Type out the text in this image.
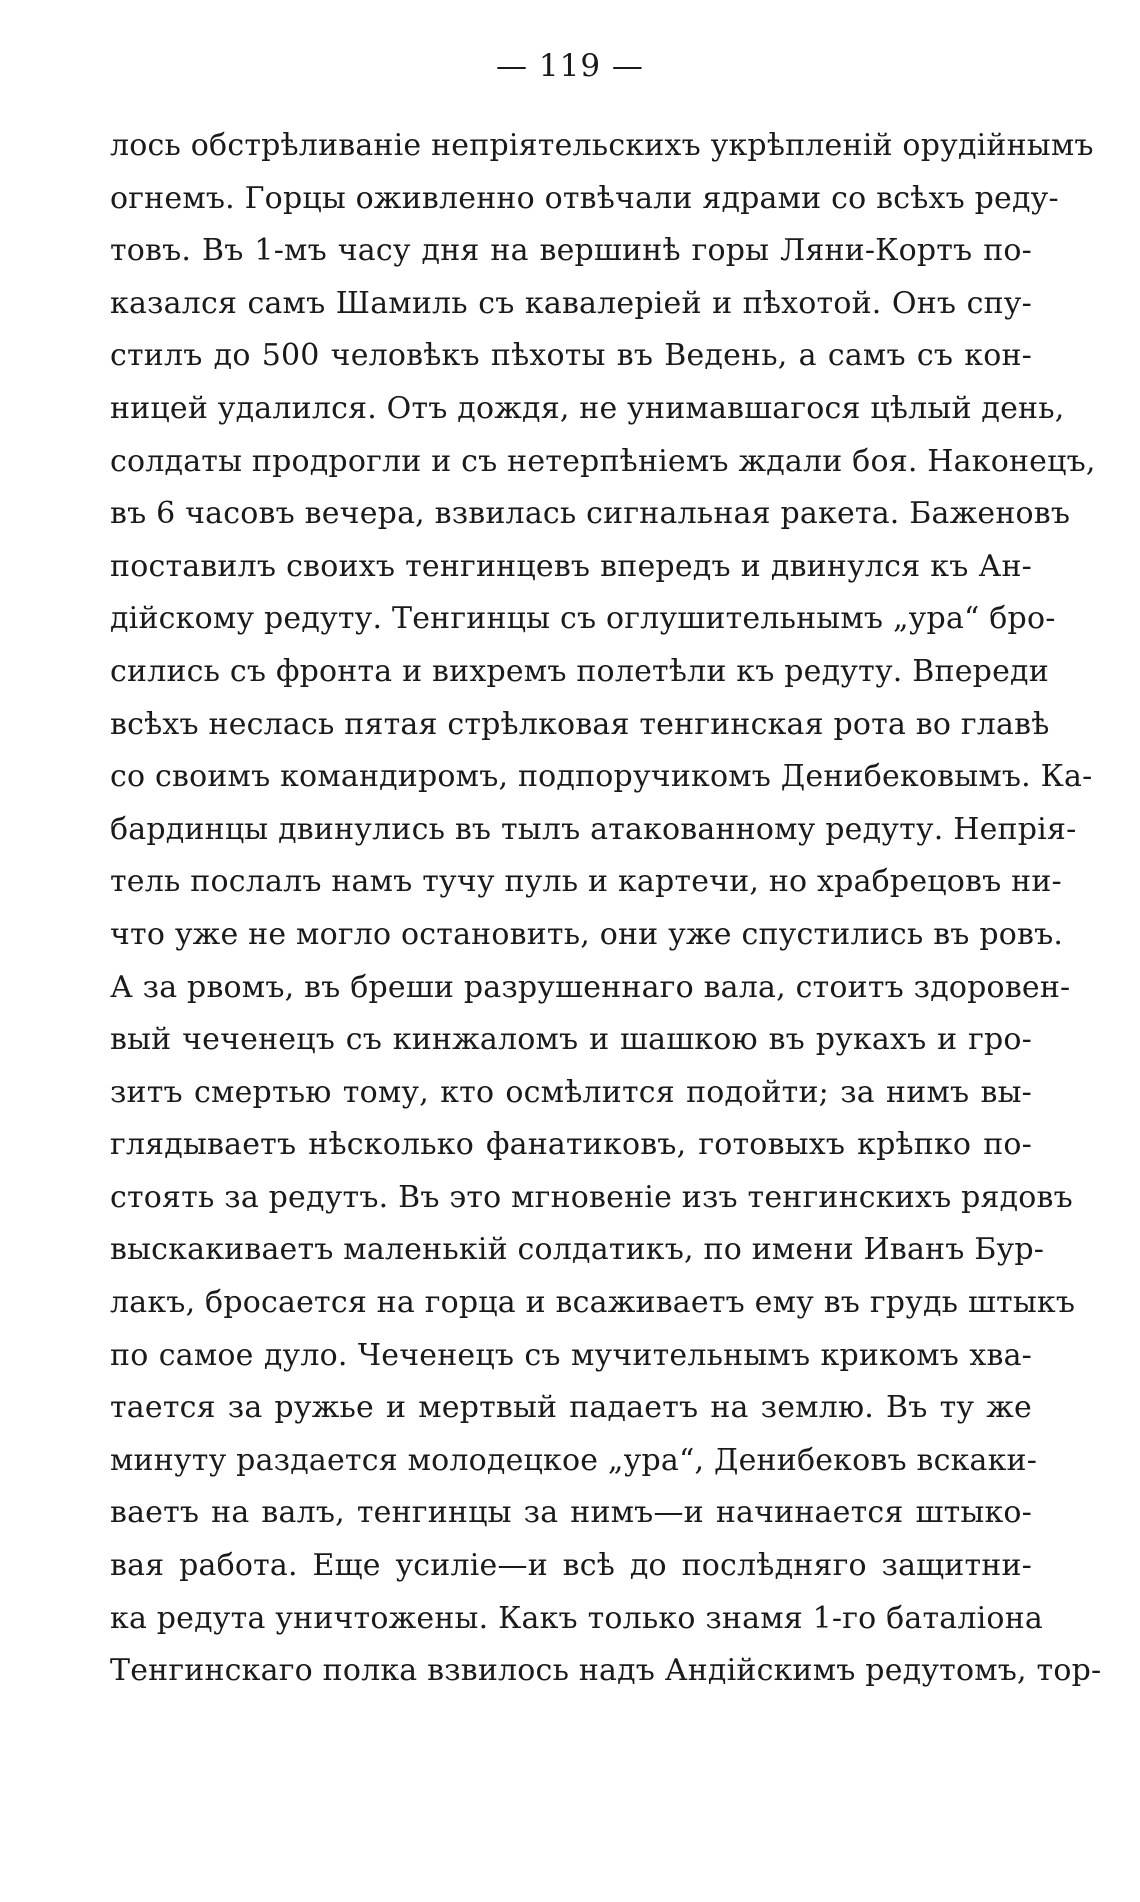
— 119 —
лось обстрѣливаніе непріятельскихъ укрѣпленій орудійнымъ
огнемъ. Горцы оживленно отвѣчали ядрами со всѣхъ реду-
товъ. Въ 1-мъ часу дня на вершинѣ горы Ляни-Кортъ по-
казался самъ Шамиль съ кавалеріей и пѣхотой. Онъ спу-
стилъ до 500 человѣкъ пѣхоты въ Ведень, а самъ съ кон-
ницей удалился. Отъ дождя, не унимавшагося цѣлый день,
солдаты продрогли и съ нетерпѣніемъ ждали боя. Наконецъ,
въ 6 часовъ вечера, взвилась сигнальная ракета. Баженовъ
поставилъ своихъ тенгинцевъ впередъ и двинулся къ Ан-
дійскому редуту. Тенгинцы съ оглушительнымъ „ура“ бро-
сились съ фронта и вихремъ полетѣли къ редуту. Впереди
всѣхъ неслась пятая стрѣлковая тенгинская рота во главѣ
со своимъ командиромъ, подпоручикомъ Денибековымъ. Ка-
бардинцы двинулись въ тылъ атакованному редуту. Непрія-
тель послалъ намъ тучу пуль и картечи, но храбрецовъ ни-
что уже не могло остановить, они уже спустились въ ровъ.
А за рвомъ, въ бреши разрушеннаго вала, стоитъ здоровен-
вый чеченецъ съ кинжаломъ и шашкою въ рукахъ и гро-
зитъ смертью тому, кто осмѣлится подойти; за нимъ вы-
глядываетъ нѣсколько фанатиковъ, готовыхъ крѣпко по-
стоять за редутъ. Въ это мгновеніе изъ тенгинскихъ рядовъ
выскакиваетъ маленькій солдатикъ, по имени Иванъ Бур-
лакъ, бросается на горца и всаживаетъ ему въ грудь штыкъ
по самое дуло. Чеченецъ съ мучительнымъ крикомъ хва-
тается за ружье и мертвый падаетъ на землю. Въ ту же
минуту раздается молодецкое „ура“, Денибековъ вскаки-
ваетъ на валъ, тенгинцы за нимъ—и начинается штыко-
вая работа. Еще усиліе—и всѣ до послѣдняго защитни-
ка редута уничтожены. Какъ только знамя 1-го баталіона
Тенгинскаго полка взвилось надъ Андійскимъ редутомъ, тор-
